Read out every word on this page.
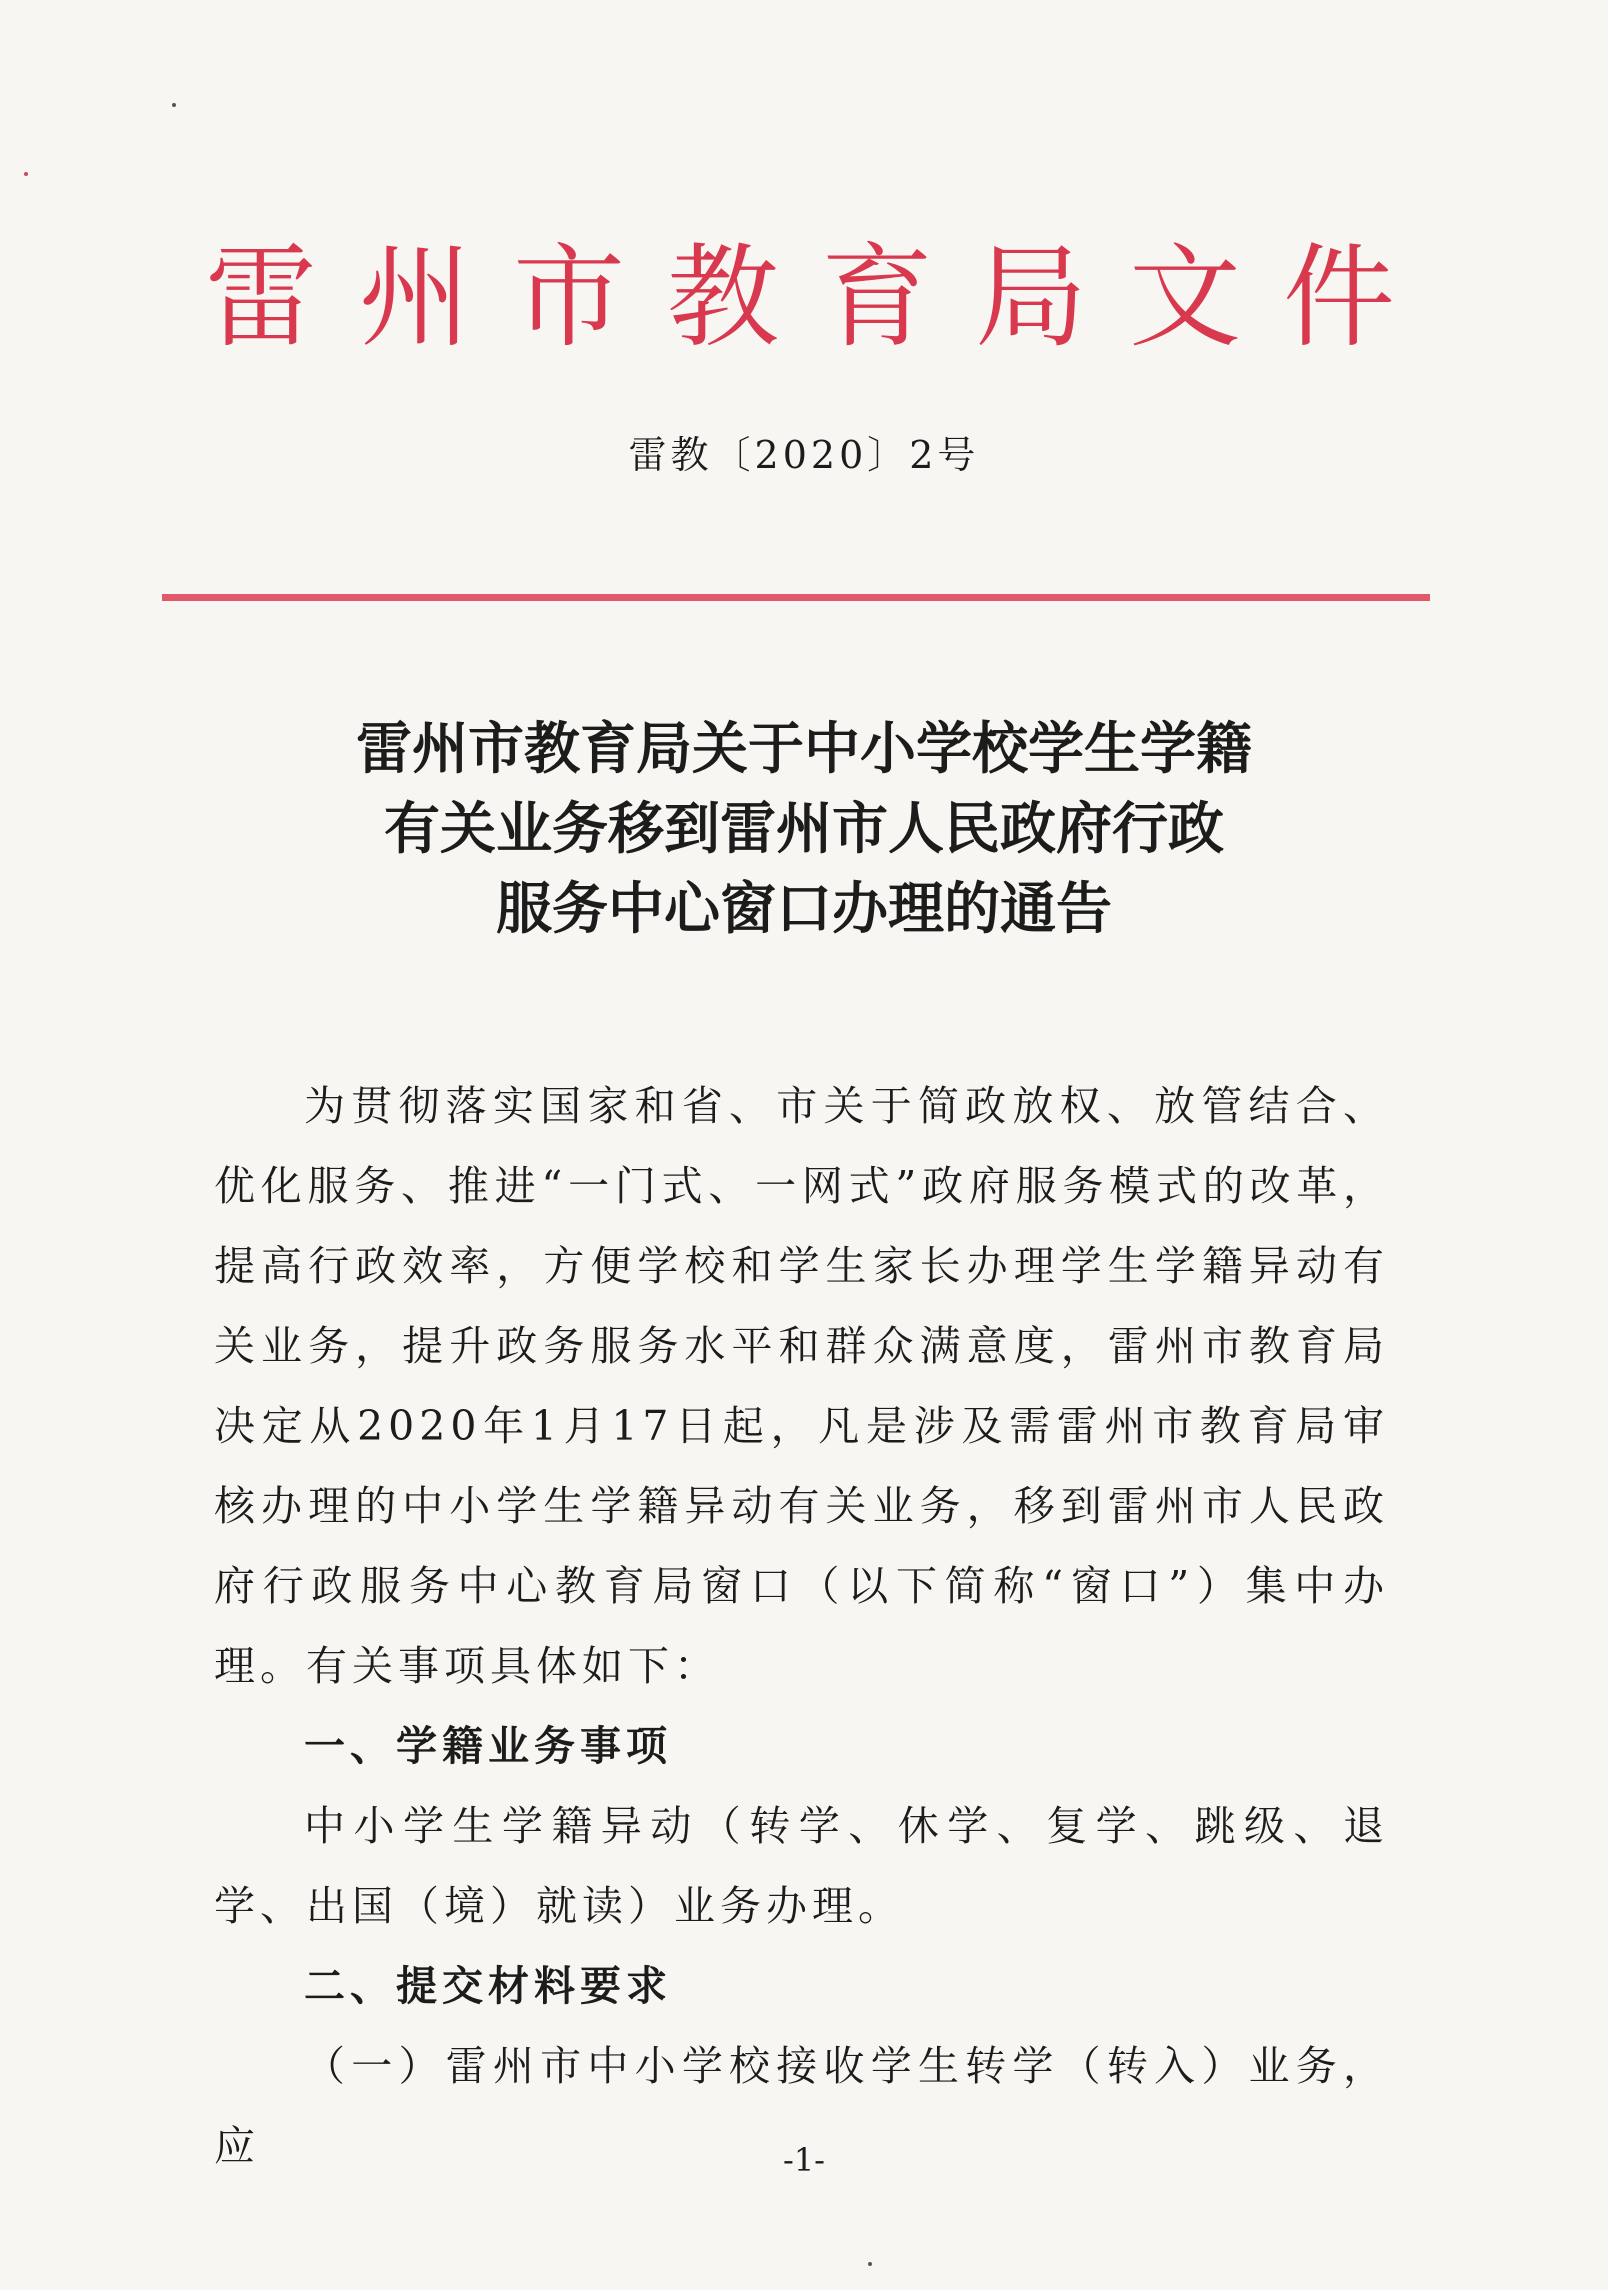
雷 州 市 教 育 局 文 件
雷教〔2020〕2号
雷州市教育局关于中小学校学生学籍
有关业务移到雷州市人民政府行政
服务中心窗口办理的通告

为贯彻落实国家和省、市关于简政放权、放管结合、优化服务、推进“一门式、一网式”政府服务模式的改革，提高行政效率，方便学校和学生家长办理学生学籍异动有关业务，提升政务服务水平和群众满意度，雷州市教育局决定从2020年1月17日起，凡是涉及需雷州市教育局审核办理的中小学生学籍异动有关业务，移到雷州市人民政府行政服务中心教育局窗口（以下简称“窗口”）集中办理。有关事项具体如下：

一、学籍业务事项

中小学生学籍异动（转学、休学、复学、跳级、退学、出国（境）就读）业务办理。

二、提交材料要求

（一）雷州市中小学校接收学生转学（转入）业务，应	-1-
